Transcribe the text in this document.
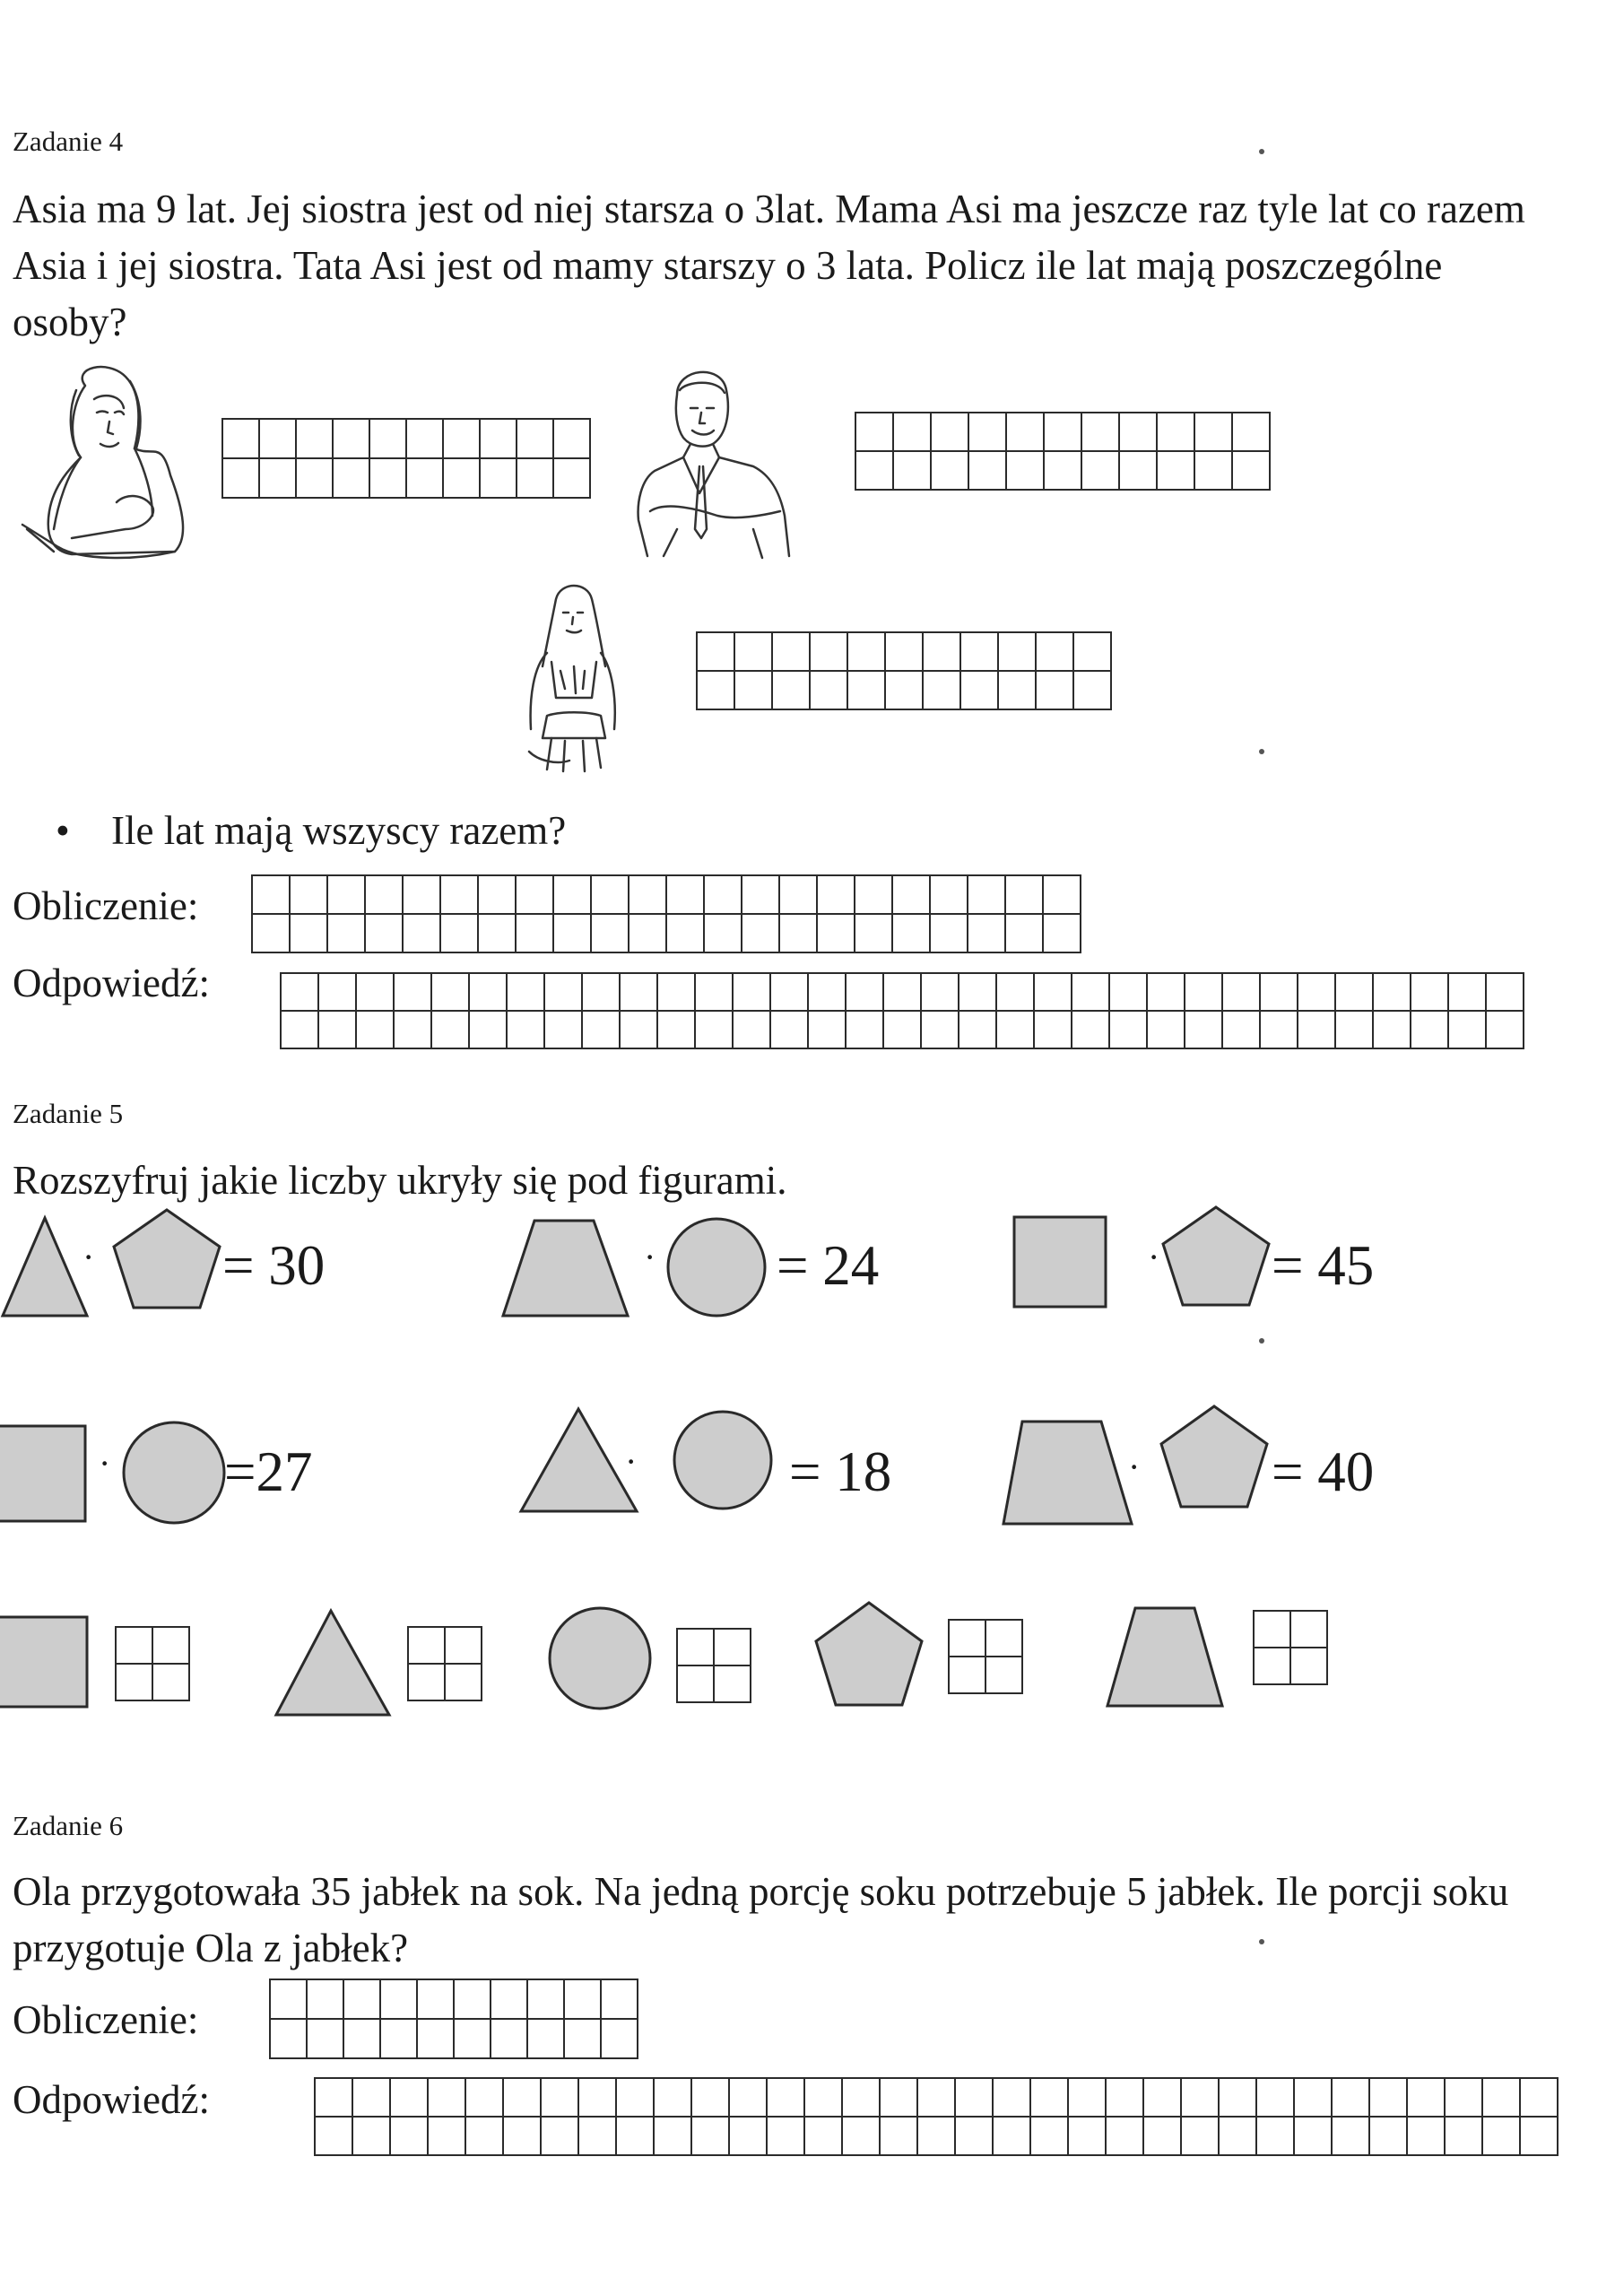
Zadanie 4
Asia ma 9 lat. Jej siostra jest od niej starsza o 3lat. Mama Asi ma jeszcze raz tyle lat co razem Asia i jej siostra. Tata Asi jest od mamy starszy o 3 lata. Policz ile lat mają poszczególne osoby?

• Ile lat mają wszyscy razem?
Obliczenie:

Odpowiedź:

Zadanie 5
Rozszyfruj jakie liczby ukryły się pod figurami.
· = 30	· = 24	· = 45
· =27	·	= 18	· = 40

Zadanie 6
Ola przygotowała 35 jabłek na sok. Na jedną porcję soku potrzebuje 5 jabłek. Ile porcji soku przygotuje Ola z jabłek?
Obliczenie:

Odpowiedź:
